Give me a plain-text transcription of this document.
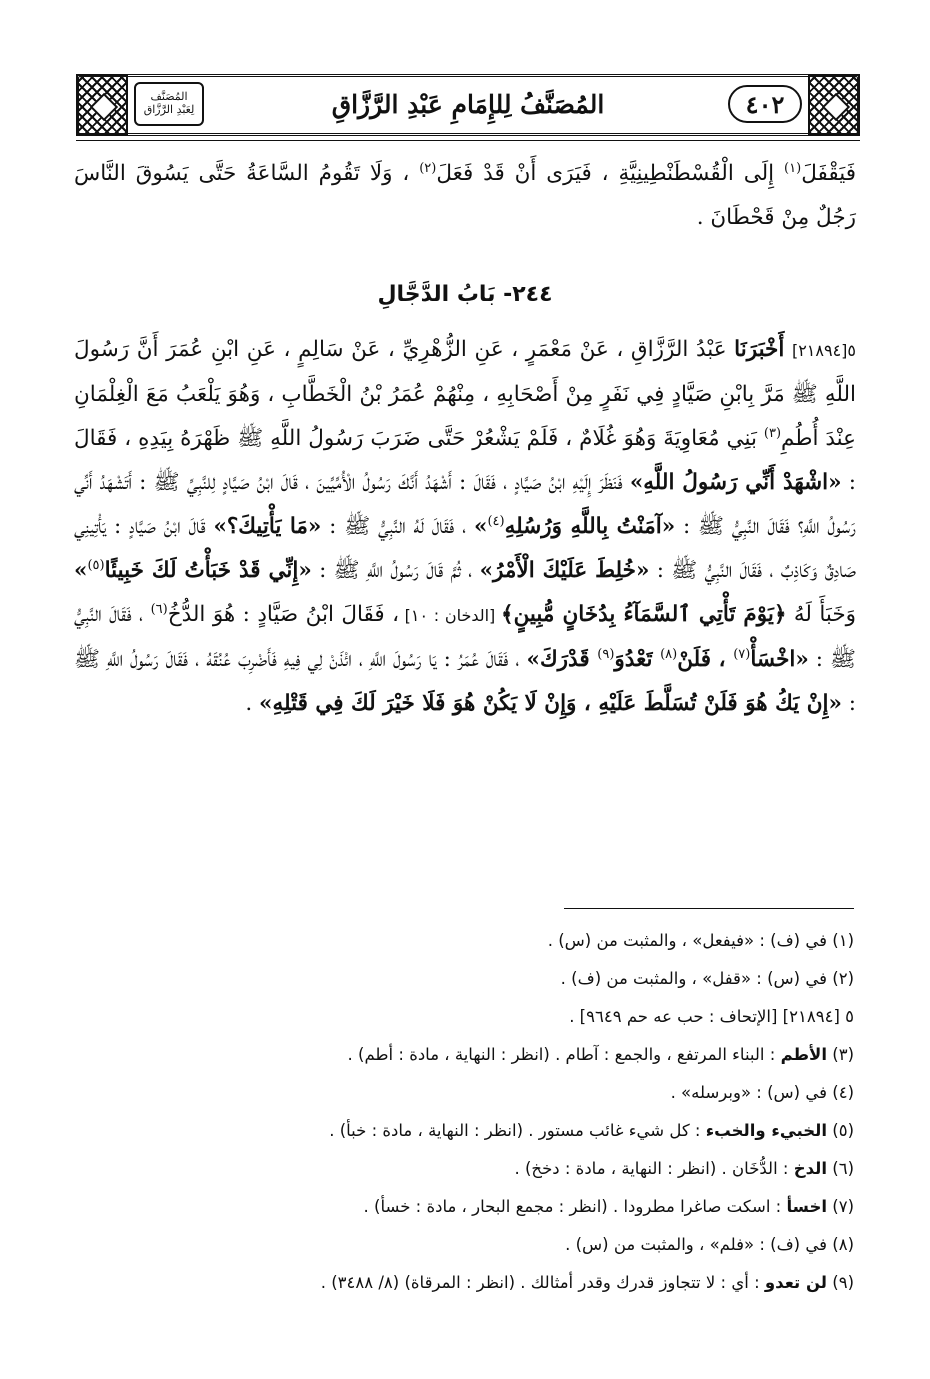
٤٠٢
المُصَنَّفُ لِلإِمَامِ عَبْدِ الرَّزَّاقِ
المُصَنَّف
لِعَبْدِ الرَّزَّاق
فَيَقْفَلَ$^{(١)}$ إِلَى الْقُسْطَنْطِينِيَّةِ ، فَيَرَى أَنْ قَدْ فَعَلَ$^{(٢)}$ ، وَلَا تَقُومُ السَّاعَةُ حَتَّى يَسُوقَ النَّاسَ رَجُلٌ مِنْ قَحْطَانَ .
٢٤٤- بَابُ الدَّجَّالِ
٥[٢١٨٩٤] أَخْبَرَنَا عَبْدُ الرَّزَّاقِ ، عَنْ مَعْمَرٍ ، عَنِ الزُّهْرِيِّ ، عَنْ سَالِمٍ ، عَنِ ابْنِ عُمَرَ أَنَّ رَسُولَ اللَّهِ ﷺ مَرَّ بِابْنِ صَيَّادٍ فِي نَفَرٍ مِنْ أَصْحَابِهِ ، مِنْهُمْ عُمَرُ بْنُ الْخَطَّابِ ، وَهُوَ يَلْعَبُ مَعَ الْغِلْمَانِ عِنْدَ أُطُمِ$^{(٣)}$ بَنِي مُعَاوِيَةَ وَهُوَ غُلَامٌ ، فَلَمْ يَشْعُرْ حَتَّى ضَرَبَ رَسُولُ اللَّهِ ﷺ ظَهْرَهُ بِيَدِهِ ، فَقَالَ : «اشْهَدْ أَنِّي رَسُولُ اللَّهِ» فَنَظَرَ إِلَيْهِ ابْنُ صَيَّادٍ ، فَقَالَ : أَشْهَدُ أَنَّكَ رَسُولُ الْأُمِّيِّينَ ، قَالَ ابْنُ صَيَّادٍ لِلنَّبِيِّ ﷺ : أَتَشْهَدُ أَنِّي رَسُولُ اللَّهِ؟ فَقَالَ النَّبِيُّ ﷺ : «آمَنْتُ بِاللَّهِ وَرُسُلِهِ$^{(٤)}$» ، فَقَالَ لَهُ النَّبِيُّ ﷺ : «مَا يَأْتِيكَ؟» قَالَ ابْنُ صَيَّادٍ : يَأْتِينِي صَادِقٌ وَكَاذِبٌ ، فَقَالَ النَّبِيُّ ﷺ : «خُلِطَ عَلَيْكَ الْأَمْرُ» ، ثُمَّ قَالَ رَسُولُ اللَّهِ ﷺ : «إِنِّي قَدْ خَبَأْتُ لَكَ خَبِيئًا$^{(٥)}$» وَخَبَأَ لَهُ ﴿يَوْمَ تَأْتِي ٱلسَّمَآءُ بِدُخَانٍ مُّبِينٍ﴾ [الدخان : ١٠] ، فَقَالَ ابْنُ صَيَّادٍ : هُوَ الدُّخُ$^{(٦)}$ ، فَقَالَ النَّبِيُّ ﷺ : «اخْسَأْ$^{(٧)}$ ، فَلَنْ$^{(٨)}$ تَعْدُوَ$^{(٩)}$ قَدْرَكَ» ، فَقَالَ عُمَرُ : يَا رَسُولَ اللَّهِ ، ائْذَنْ لِي فِيهِ فَأَضْرِبَ عُنُقَهُ ، فَقَالَ رَسُولُ اللَّهِ ﷺ : «إِنْ يَكُ هُوَ فَلَنْ تُسَلَّطَ عَلَيْهِ ، وَإِنْ لَا يَكُنْ هُوَ فَلَا خَيْرَ لَكَ فِي قَتْلِهِ» .
(١) في (ف) : «فيفعل» ، والمثبت من (س) .
(٢) في (س) : «قفل» ، والمثبت من (ف) .
٥ [٢١٨٩٤] [الإتحاف : حب عه حم ٩٦٤٩] .
(٣) الأطم : البناء المرتفع ، والجمع : آطام . (انظر : النهاية ، مادة : أطم) .
(٤) في (س) : «وبرسله» .
(٥) الخبيء والخبء : كل شيء غائب مستور . (انظر : النهاية ، مادة : خبأ) .
(٦) الدخ : الدُّخَان . (انظر : النهاية ، مادة : دخخ) .
(٧) اخسأ : اسكت صاغرا مطرودا . (انظر : مجمع البحار ، مادة : خسأ) .
(٨) في (ف) : «فلم» ، والمثبت من (س) .
(٩) لن تعدو : أي : لا تتجاوز قدرك وقدر أمثالك . (انظر : المرقاة) (٨/ ٣٤٨٨) .
